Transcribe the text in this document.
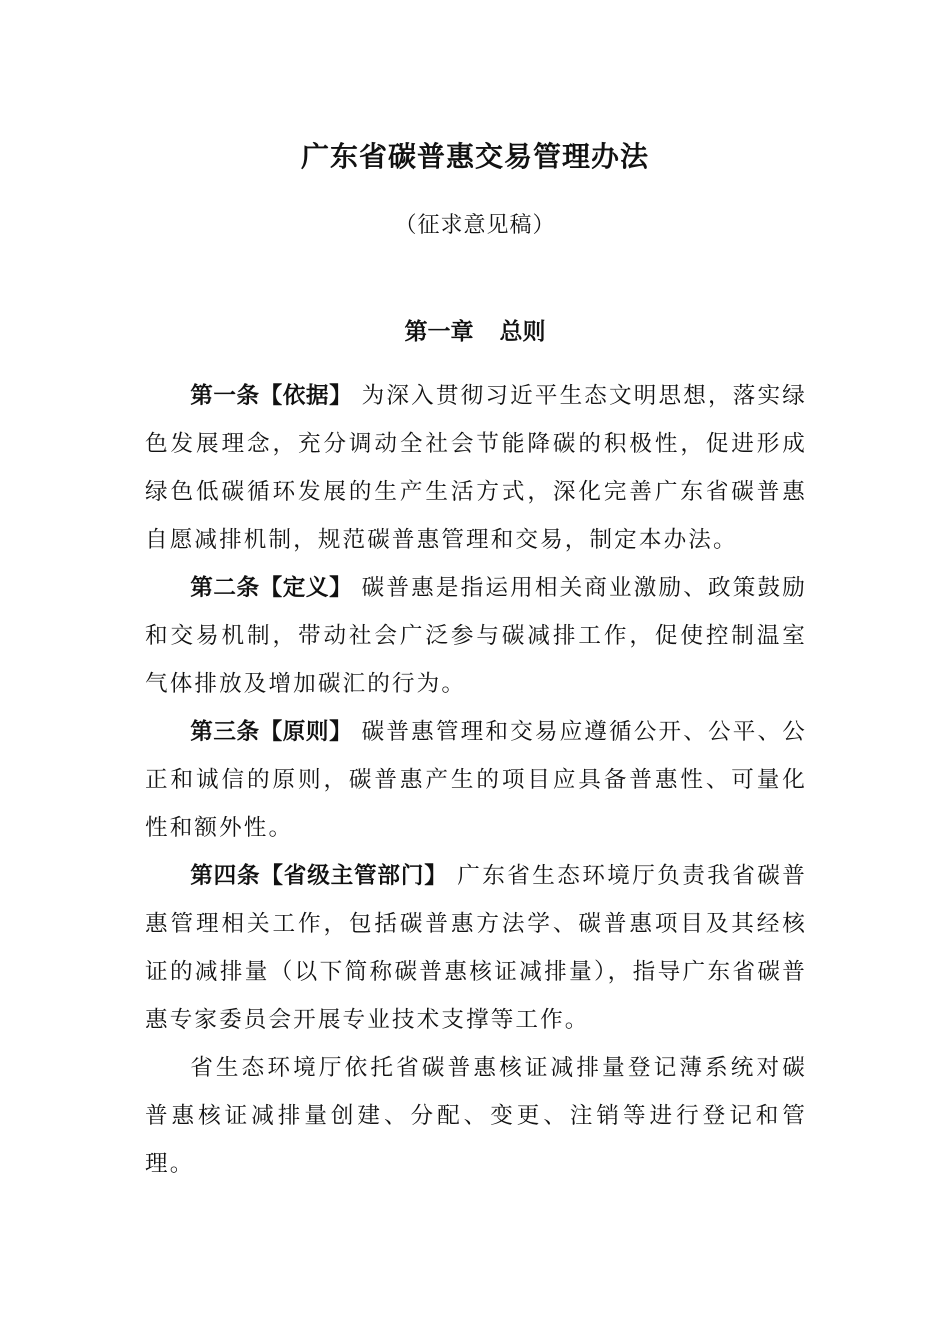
广东省碳普惠交易管理办法
（征求意见稿）
第一章 总则

第一条【依据】 为深入贯彻习近平生态文明思想，落实绿色发展理念，充分调动全社会节能降碳的积极性，促进形成绿色低碳循环发展的生产生活方式，深化完善广东省碳普惠自愿减排机制，规范碳普惠管理和交易，制定本办法。

第二条【定义】 碳普惠是指运用相关商业激励、政策鼓励和交易机制，带动社会广泛参与碳减排工作，促使控制温室气体排放及增加碳汇的行为。

第三条【原则】 碳普惠管理和交易应遵循公开、公平、公正和诚信的原则，碳普惠产生的项目应具备普惠性、可量化性和额外性。

第四条【省级主管部门】 广东省生态环境厅负责我省碳普惠管理相关工作，包括碳普惠方法学、碳普惠项目及其经核证的减排量（以下简称碳普惠核证减排量），指导广东省碳普惠专家委员会开展专业技术支撑等工作。

省生态环境厅依托省碳普惠核证减排量登记薄系统对碳普惠核证减排量创建、分配、变更、注销等进行登记和管理。
